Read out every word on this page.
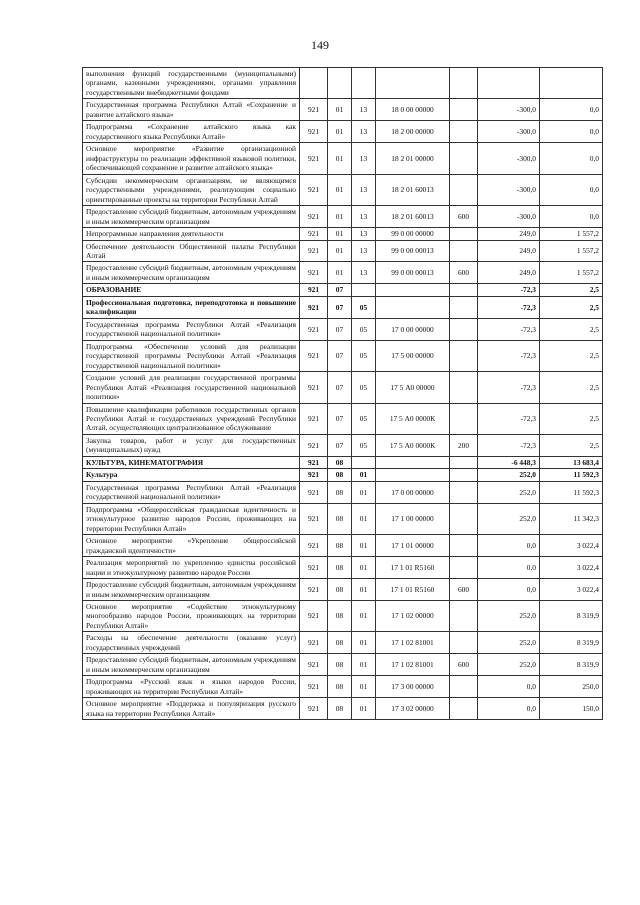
149
выполнения функций государственными (муниципальными) органами, казенными учреждениями, органами управления государственными внебюджетными фондами							
Государственная программа Республики Алтай «Сохранение и развитие алтайского языка»	921	01	13	18 0 00 00000		-300,0	0,0
Подпрограмма «Сохранение алтайского языка как государственного языка Республики Алтай»	921	01	13	18 2 00 00000		-300,0	0,0
Основное мероприятие «Развитие организационной инфраструктуры по реализации эффективной языковой политики, обеспечивающей сохранение и развитие алтайского языка»	921	01	13	18 2 01 00000		-300,0	0,0
Субсидии некоммерческим организациям, не являющимся государственными учреждениями, реализующим социально ориентированные проекты на территории Республики Алтай	921	01	13	18 2 01 60013		-300,0	0,0
Предоставление субсидий бюджетным, автономным учреждениям и иным некоммерческим организациям	921	01	13	18 2 01 60013	600	-300,0	0,0
Непрограммные направления деятельности	921	01	13	99 0 00 00000		249,0	1 557,2
Обеспечение деятельности Общественной палаты Республики Алтай	921	01	13	99 0 00 00013		249,0	1 557,2
Предоставление субсидий бюджетным, автономным учреждениям и иным некоммерческим организациям	921	01	13	99 0 00 00013	600	249,0	1 557,2
ОБРАЗОВАНИЕ	921	07				-72,3	2,5
Профессиональная подготовка, переподготовка и повышение квалификации	921	07	05			-72,3	2,5
Государственная программа Республики Алтай «Реализация государственной национальной политики»	921	07	05	17 0 00 00000		-72,3	2,5
Подпрограмма «Обеспечение условий для реализации государственной программы Республики Алтай «Реализация государственной национальной политики»	921	07	05	17 5 00 00000		-72,3	2,5
Создание условий для реализации государственной программы Республики Алтай «Реализация государственной национальной политики»	921	07	05	17 5 А0 00000		-72,3	2,5
Повышение квалификации работников государственных органов Республики Алтай и государственных учреждений Республики Алтай, осуществляющих централизованное обслуживание	921	07	05	17 5 А0 0000К		-72,3	2,5
Закупка товаров, работ и услуг для государственных (муниципальных) нужд	921	07	05	17 5 А0 0000К	200	-72,3	2,5
КУЛЬТУРА, КИНЕМАТОГРАФИЯ	921	08				-6 448,3	13 683,4
Культура	921	08	01			252,0	11 592,3
Государственная программа Республики Алтай «Реализация государственной национальной политики»	921	08	01	17 0 00 00000		252,0	11 592,3
Подпрограмма «Общероссийская гражданская идентичность и этнокультурное развитие народов России, проживающих на территории Республики Алтай»	921	08	01	17 1 00 00000		252,0	11 342,3
Основное мероприятие «Укрепление общероссийской гражданской идентичности»	921	08	01	17 1 01 00000		0,0	3 022,4
Реализация мероприятий по укреплению единства российской нации и этнокультурному развитию народов России	921	08	01	17 1 01 R5160		0,0	3 022,4
Предоставление субсидий бюджетным, автономным учреждениям и иным некоммерческим организациям	921	08	01	17 1 01 R5160	600	0,0	3 022,4
Основное мероприятие «Содействие этнокультурному многообразию народов России, проживающих на территории Республики Алтай»	921	08	01	17 1 02 00000		252,0	8 319,9
Расходы на обеспечение деятельности (оказание услуг) государственных учреждений	921	08	01	17 1 02 81001		252,0	8 319,9
Предоставление субсидий бюджетным, автономным учреждениям и иным некоммерческим организациям	921	08	01	17 1 02 81001	600	252,0	8 319,9
Подпрограмма «Русский язык и языки народов России, проживающих на территории Республики Алтай»	921	08	01	17 3 00 00000		0,0	250,0
Основное мероприятие «Поддержка и популяризация русского языка на территории Республики Алтай»	921	08	01	17 3 02 00000		0,0	150,0
